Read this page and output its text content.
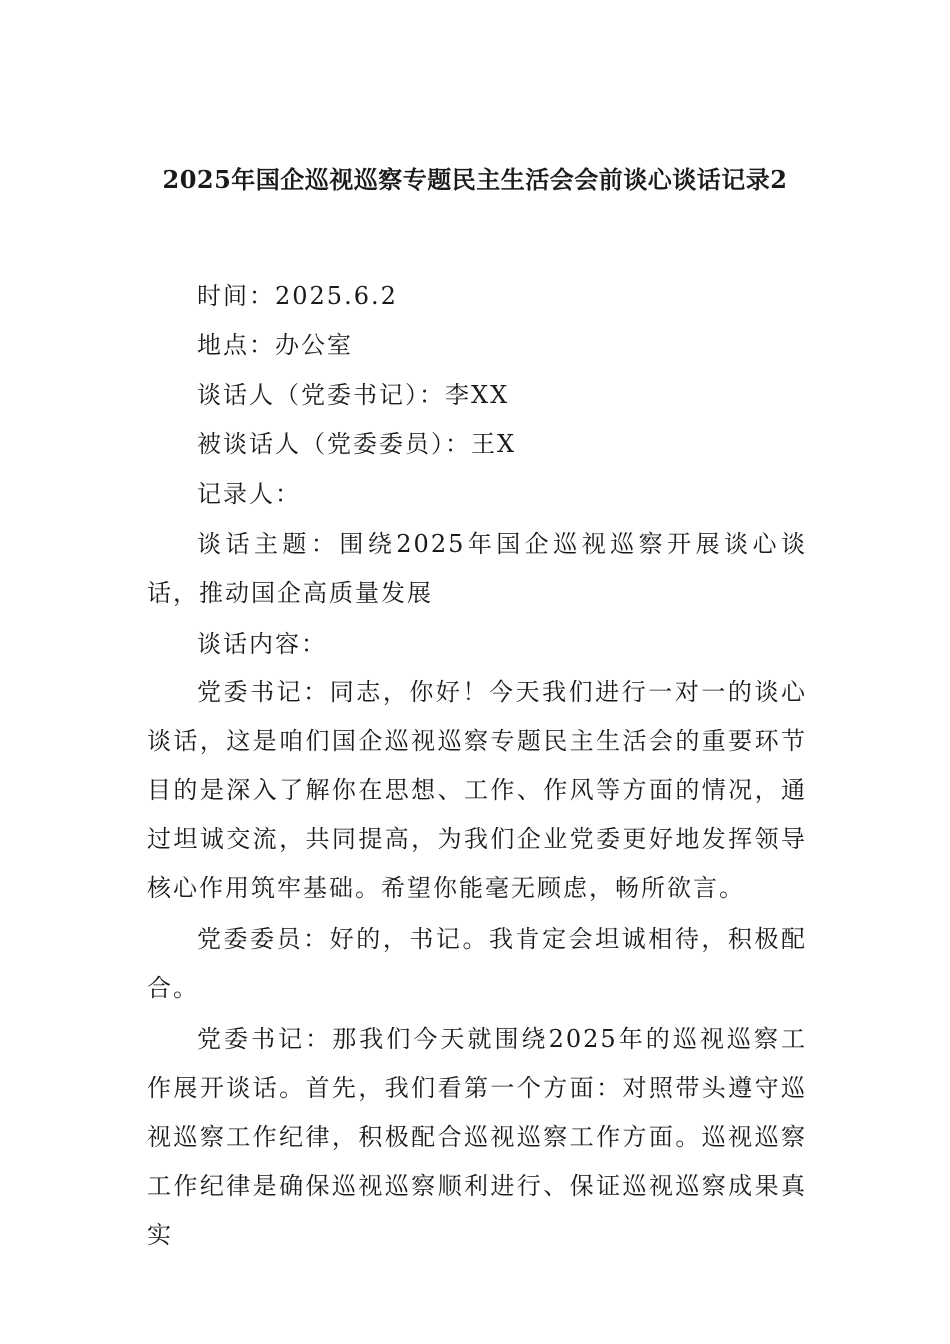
2025年国企巡视巡察专题民主生活会会前谈心谈话记录2
时间：2025.6.2
地点：办公室
谈话人（党委书记）：李XX
被谈话人（党委委员）：王X
记录人：
谈话主题：围绕2025年国企巡视巡察开展谈心谈话，推动国企高质量发展
谈话内容：
党委书记：同志，你好！今天我们进行一对一的谈心谈话，这是咱们国企巡视巡察专题民主生活会的重要环节目的是深入了解你在思想、工作、作风等方面的情况，通过坦诚交流，共同提高，为我们企业党委更好地发挥领导核心作用筑牢基础。希望你能毫无顾虑，畅所欲言。
党委委员：好的，书记。我肯定会坦诚相待，积极配合。
党委书记：那我们今天就围绕2025年的巡视巡察工作展开谈话。首先，我们看第一个方面：对照带头遵守巡视巡察工作纪律，积极配合巡视巡察工作方面。巡视巡察工作纪律是确保巡视巡察顺利进行、保证巡视巡察成果真实
